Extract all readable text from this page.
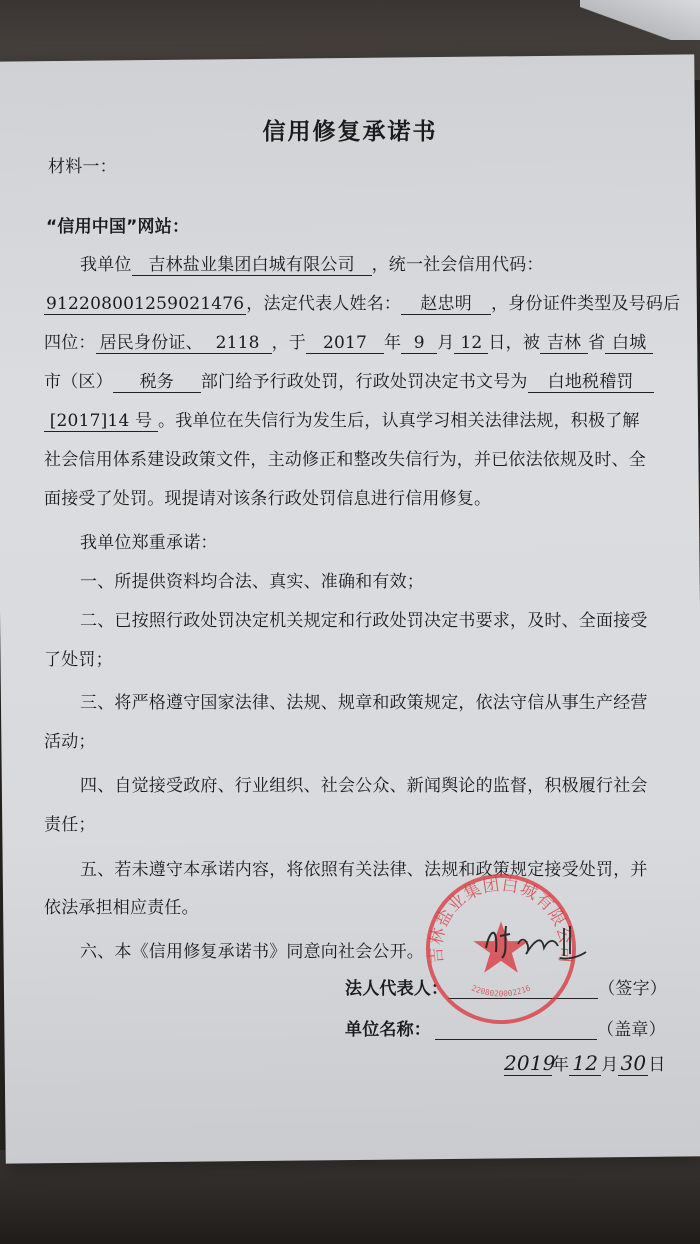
材料一：
信用修复承诺书
“信用中国”网站：
我单位 吉林盐业集团白城有限公司 ，统一社会信用代码：
912208001259021476 ，法定代表人姓名： 赵忠明 ，身份证件类型及号码后
四位： 居民身份证、 2118 ，于 2017 年 9 月 12 日，被 吉林 省 白城
市（区） 税务 部门给予行政处罚，行政处罚决定书文号为 白地税稽罚
[2017]14 号 。我单位在失信行为发生后，认真学习相关法律法规，积极了解
社会信用体系建设政策文件，主动修正和整改失信行为，并已依法依规及时、全
面接受了处罚。现提请对该条行政处罚信息进行信用修复。
我单位郑重承诺：
一、所提供资料均合法、真实、准确和有效；
二、已按照行政处罚决定机关规定和行政处罚决定书要求，及时、全面接受
了处罚；
三、将严格遵守国家法律、法规、规章和政策规定，依法守信从事生产经营
活动；
四、自觉接受政府、行业组织、社会公众、新闻舆论的监督，积极履行社会
责任；
五、若未遵守本承诺内容，将依照有关法律、法规和政策规定接受处罚，并
依法承担相应责任。
六、本《信用修复承诺书》同意向社会公开。
法人代表人：	（签字）
单位名称：	（盖章）
2019年 12 月 30 日
吉林盐业集团白城有限公司
2208020002216
